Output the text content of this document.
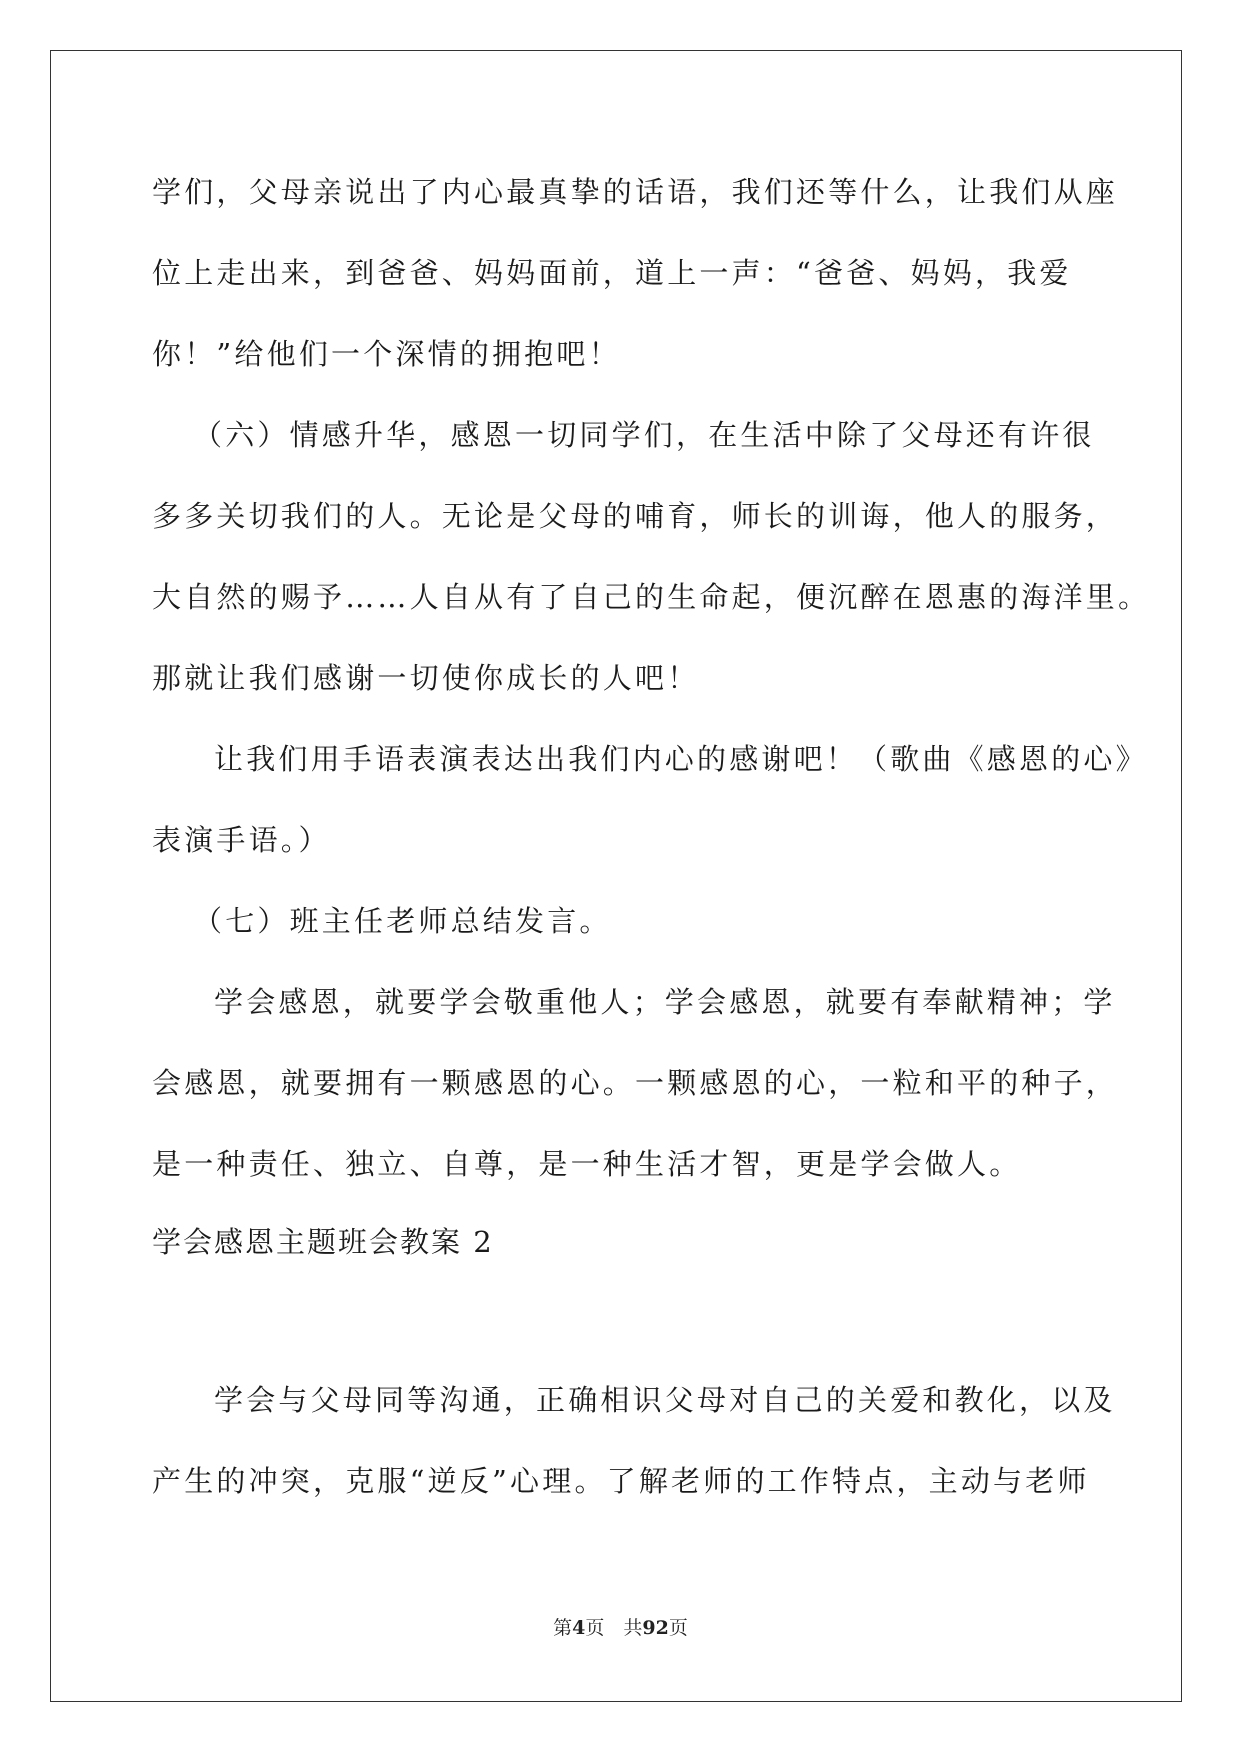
学们，父母亲说出了内心最真挚的话语，我们还等什么，让我们从座
位上走出来，到爸爸、妈妈面前，道上一声：“爸爸、妈妈，我爱
你！”给他们一个深情的拥抱吧！
（六）情感升华，感恩一切同学们，在生活中除了父母还有许很
多多关切我们的人。无论是父母的哺育，师长的训诲，他人的服务，
大自然的赐予……人自从有了自己的生命起，便沉醉在恩惠的海洋里。
那就让我们感谢一切使你成长的人吧！
让我们用手语表演表达出我们内心的感谢吧！（歌曲《感恩的心》
表演手语。）
（七）班主任老师总结发言。
学会感恩，就要学会敬重他人；学会感恩，就要有奉献精神；学
会感恩，就要拥有一颗感恩的心。一颗感恩的心，一粒和平的种子，
是一种责任、独立、自尊，是一种生活才智，更是学会做人。
学会感恩主题班会教案 2
学会与父母同等沟通，正确相识父母对自己的关爱和教化，以及
产生的冲突，克服“逆反”心理。了解老师的工作特点，主动与老师
第4页　共92页
